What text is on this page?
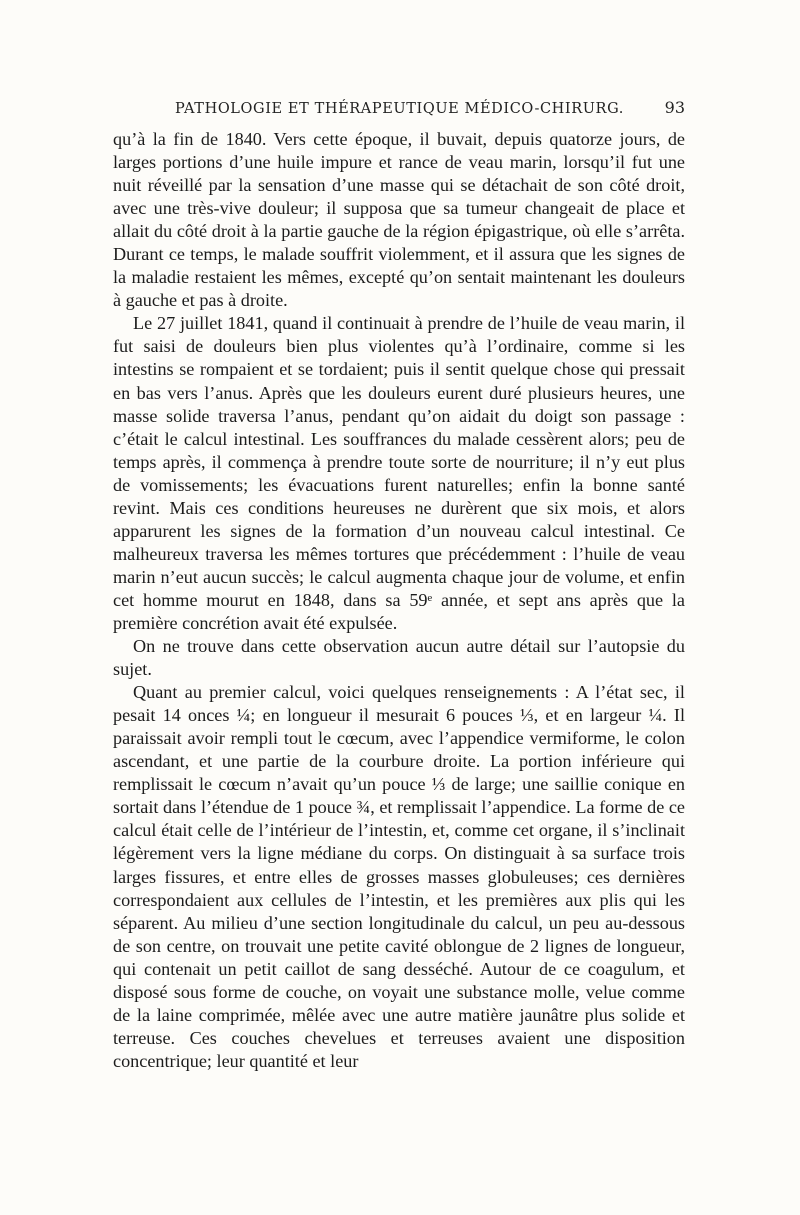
PATHOLOGIE ET THÉRAPEUTIQUE MÉDICO-CHIRURG.	93

qu’à la fin de 1840. Vers cette époque, il buvait, depuis quatorze jours, de larges portions d’une huile impure et rance de veau marin, lorsqu’il fut une nuit réveillé par la sensation d’une masse qui se détachait de son côté droit, avec une très-vive douleur; il supposa que sa tumeur changeait de place et allait du côté droit à la partie gauche de la région épigastrique, où elle s’arrêta. Durant ce temps, le malade souffrit violemment, et il assura que les signes de la maladie restaient les mêmes, excepté qu’on sentait maintenant les douleurs à gauche et pas à droite.

Le 27 juillet 1841, quand il continuait à prendre de l’huile de veau marin, il fut saisi de douleurs bien plus violentes qu’à l’ordinaire, comme si les intestins se rompaient et se tordaient; puis il sentit quelque chose qui pressait en bas vers l’anus. Après que les douleurs eurent duré plusieurs heures, une masse solide traversa l’anus, pendant qu’on aidait du doigt son passage : c’était le calcul intestinal. Les souffrances du malade cessèrent alors; peu de temps après, il commença à prendre toute sorte de nourriture; il n’y eut plus de vomissements; les évacuations furent naturelles; enfin la bonne santé revint. Mais ces conditions heureuses ne durèrent que six mois, et alors apparurent les signes de la formation d’un nouveau calcul intestinal. Ce malheureux traversa les mêmes tortures que précédemment : l’huile de veau marin n’eut aucun succès; le calcul augmenta chaque jour de volume, et enfin cet homme mourut en 1848, dans sa 59ᵉ année, et sept ans après que la première concrétion avait été expulsée.

On ne trouve dans cette observation aucun autre détail sur l’autopsie du sujet.

Quant au premier calcul, voici quelques renseignements : A l’état sec, il pesait 14 onces ¼; en longueur il mesurait 6 pouces ⅓, et en largeur ¼. Il paraissait avoir rempli tout le cœcum, avec l’appendice vermiforme, le colon ascendant, et une partie de la courbure droite. La portion inférieure qui remplissait le cœcum n’avait qu’un pouce ⅓ de large; une saillie conique en sortait dans l’étendue de 1 pouce ¾, et remplissait l’appendice. La forme de ce calcul était celle de l’intérieur de l’intestin, et, comme cet organe, il s’inclinait légèrement vers la ligne médiane du corps. On distinguait à sa surface trois larges fissures, et entre elles de grosses masses globuleuses; ces dernières correspondaient aux cellules de l’intestin, et les premières aux plis qui les séparent. Au milieu d’une section longitudinale du calcul, un peu au-dessous de son centre, on trouvait une petite cavité oblongue de 2 lignes de longueur, qui contenait un petit caillot de sang desséché. Autour de ce coagulum, et disposé sous forme de couche, on voyait une substance molle, velue comme de la laine comprimée, mêlée avec une autre matière jaunâtre plus solide et terreuse. Ces couches chevelues et terreuses avaient une disposition concentrique; leur quantité et leur
